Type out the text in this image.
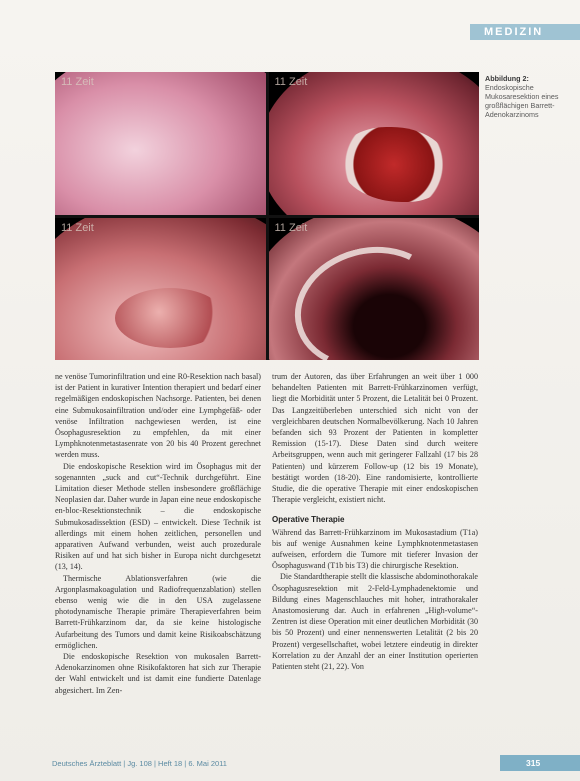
MEDIZIN
11 Zeit	11 Zeit
11 Zeit	11 Zeit
Abbildung 2:
Endoskopische Mukosaresektion eines großflächigen Barrett-Adenokarzinoms

ne venöse Tumorinfiltration und eine R0-Resektion nach basal) ist der Patient in kurativer Intention therapiert und bedarf einer regelmäßigen endoskopischen Nachsorge. Patienten, bei denen eine Submukosainfiltration und/oder eine Lymphgefäß- oder venöse Infiltration nachgewiesen werden, ist eine Ösophagusresektion zu empfehlen, da mit einer Lymphknotenmetastasenrate von 20 bis 40 Prozent gerechnet werden muss.

Die endoskopische Resektion wird im Ösophagus mit der sogenannten „suck and cut“-Technik durchgeführt. Eine Limitation dieser Methode stellen insbesondere großflächige Neoplasien dar. Daher wurde in Japan eine neue endoskopische en-bloc-Resektionstechnik – die endoskopische Submukosadissektion (ESD) – entwickelt. Diese Technik ist allerdings mit einem hohen zeitlichen, personellen und apparativen Aufwand verbunden, weist auch prozedurale Risiken auf und hat sich bisher in Europa nicht durchgesetzt (13, 14).

Thermische Ablationsverfahren (wie die Argonplasmakoagulation und Radiofrequenzablation) stellen ebenso wenig wie die in den USA zugelassene photodynamische Therapie primäre Therapieverfahren beim Barrett-Frühkarzinom dar, da sie keine histologische Aufarbeitung des Tumors und damit keine Risikoabschätzung ermöglichen.

Die endoskopische Resektion von mukosalen Barrett-Adenokarzinomen ohne Risikofaktoren hat sich zur Therapie der Wahl entwickelt und ist damit eine fundierte Datenlage abgesichert. Im Zen-

trum der Autoren, das über Erfahrungen an weit über 1 000 behandelten Patienten mit Barrett-Frühkarzinomen verfügt, liegt die Morbidität unter 5 Prozent, die Letalität bei 0 Prozent. Das Langzeitüberleben unterschied sich nicht von der vergleichbaren deutschen Normalbevölkerung. Nach 10 Jahren befanden sich 93 Prozent der Patienten in kompletter Remission (15-17). Diese Daten sind durch weitere Arbeitsgruppen, wenn auch mit geringerer Fallzahl (17 bis 28 Patienten) und kürzerem Follow-up (12 bis 19 Monate), bestätigt worden (18-20). Eine randomisierte, kontrollierte Studie, die die operative Therapie mit einer endoskopischen Therapie vergleicht, existiert nicht.

Operative Therapie

Während das Barrett-Frühkarzinom im Mukosastadium (T1a) bis auf wenige Ausnahmen keine Lymphknotenmetastasen aufweisen, erfordern die Tumore mit tieferer Invasion der Ösophaguswand (T1b bis T3) die chirurgische Resektion.

Die Standardtherapie stellt die klassische abdominothorakale Ösophagusresektion mit 2-Feld-Lymphadenektomie und Bildung eines Magenschlauches mit hoher, intrathorakaler Anastomosierung dar. Auch in erfahrenen „High-volume“-Zentren ist diese Operation mit einer deutlichen Morbidität (30 bis 50 Prozent) und einer nennenswerten Letalität (2 bis 20 Prozent) vergesellschaftet, wobei letztere eindeutig in direkter Korrelation zu der Anzahl der an einer Institution operierten Patienten steht (21, 22). Von

Deutsches Ärzteblatt | Jg. 108 | Heft 18 | 6. Mai 2011	315
